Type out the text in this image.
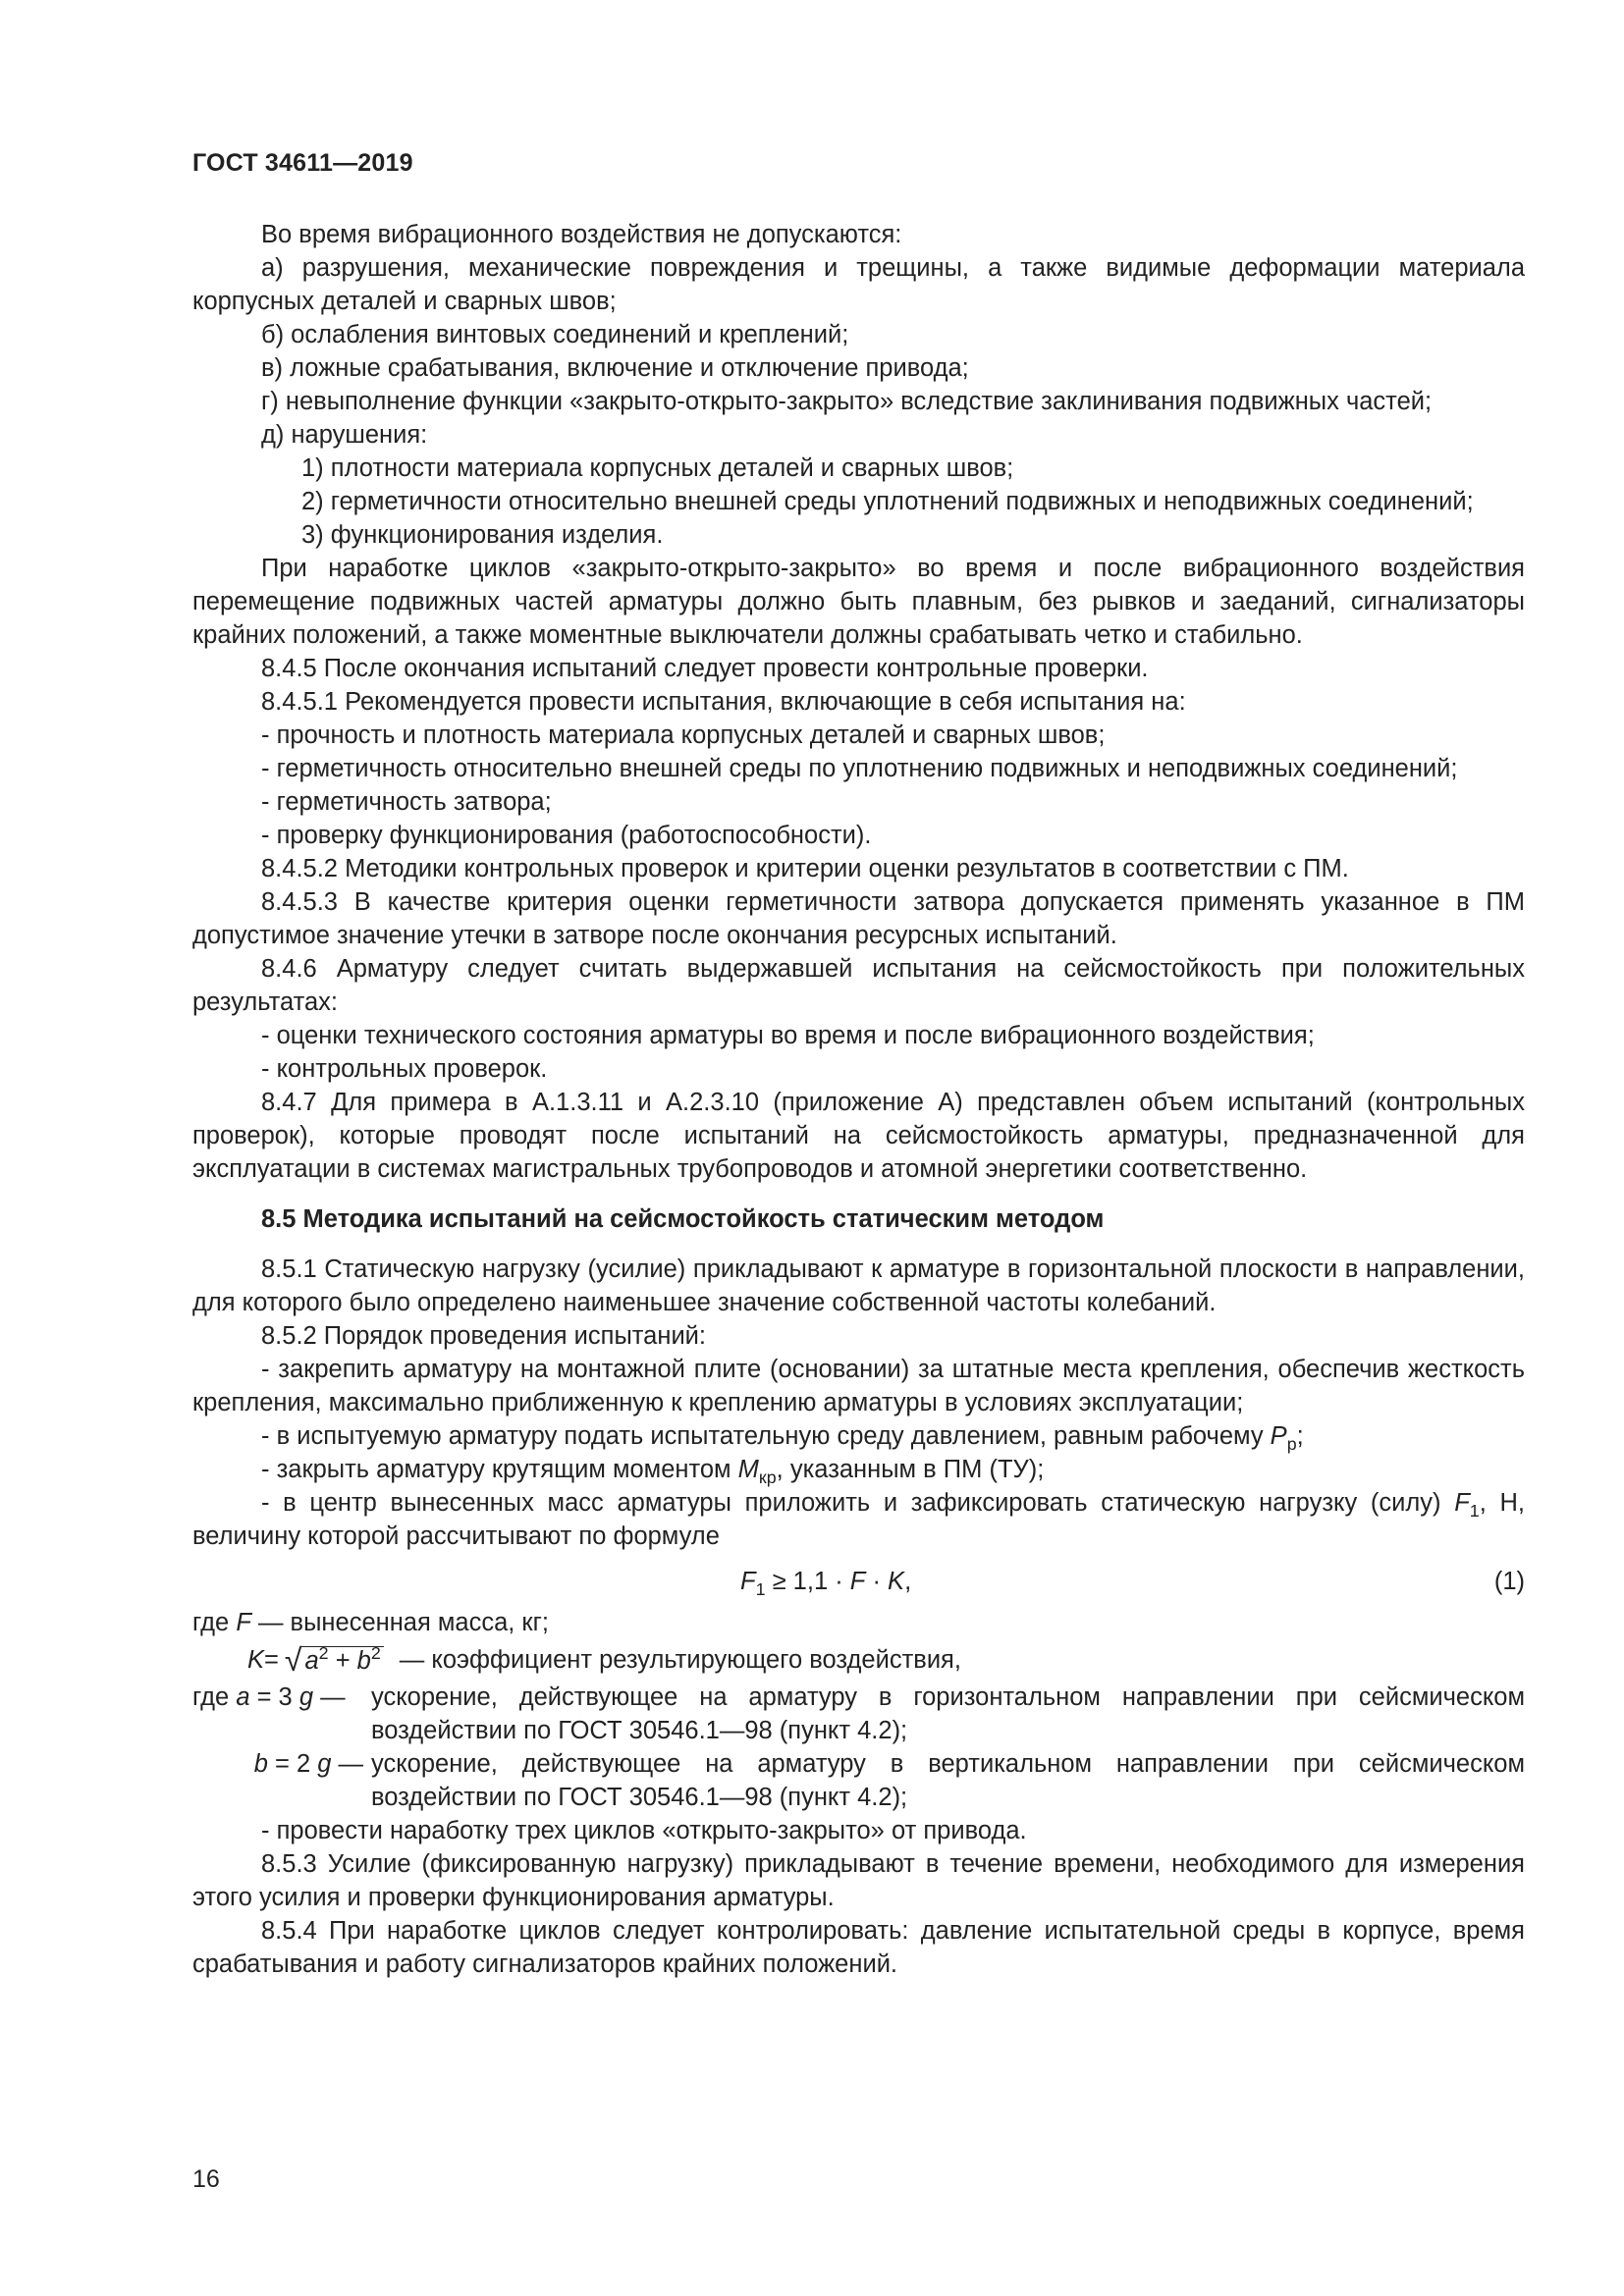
ГОСТ 34611—2019

Во время вибрационного воздействия не допускаются:

а) разрушения, механические повреждения и трещины, а также видимые деформации материала корпусных деталей и сварных швов;

б) ослабления винтовых соединений и креплений;

в) ложные срабатывания, включение и отключение привода;

г) невыполнение функции «закрыто-открыто-закрыто» вследствие заклинивания подвижных частей;

д) нарушения:

1) плотности материала корпусных деталей и сварных швов;

2) герметичности относительно внешней среды уплотнений подвижных и неподвижных соединений;

3) функционирования изделия.

При наработке циклов «закрыто-открыто-закрыто» во время и после вибрационного воздействия перемещение подвижных частей арматуры должно быть плавным, без рывков и заеданий, сигнализаторы крайних положений, а также моментные выключатели должны срабатывать четко и стабильно.

8.4.5 После окончания испытаний следует провести контрольные проверки.

8.4.5.1 Рекомендуется провести испытания, включающие в себя испытания на:

- прочность и плотность материала корпусных деталей и сварных швов;

- герметичность относительно внешней среды по уплотнению подвижных и неподвижных соединений;

- герметичность затвора;

- проверку функционирования (работоспособности).

8.4.5.2 Методики контрольных проверок и критерии оценки результатов в соответствии с ПМ.

8.4.5.3 В качестве критерия оценки герметичности затвора допускается применять указанное в ПМ допустимое значение утечки в затворе после окончания ресурсных испытаний.

8.4.6 Арматуру следует считать выдержавшей испытания на сейсмостойкость при положительных результатах:

- оценки технического состояния арматуры во время и после вибрационного воздействия;

- контрольных проверок.

8.4.7 Для примера в А.1.3.11 и А.2.3.10 (приложение А) представлен объем испытаний (контрольных проверок), которые проводят после испытаний на сейсмостойкость арматуры, предназначенной для эксплуатации в системах магистральных трубопроводов и атомной энергетики соответственно.

8.5 Методика испытаний на сейсмостойкость статическим методом

8.5.1 Статическую нагрузку (усилие) прикладывают к арматуре в горизонтальной плоскости в направлении, для которого было определено наименьшее значение собственной частоты колебаний.

8.5.2 Порядок проведения испытаний:

- закрепить арматуру на монтажной плите (основании) за штатные места крепления, обеспечив жесткость крепления, максимально приближенную к креплению арматуры в условиях эксплуатации;

- в испытуемую арматуру подать испытательную среду давлением, равным рабочему $P_р$;

- закрыть арматуру крутящим моментом $M_{кр}$, указанным в ПМ (ТУ);

- в центр вынесенных масс арматуры приложить и зафиксировать статическую нагрузку (силу) $F_1$, Н, величину которой рассчитывают по формуле

$F_1 \ge 1,1 \cdot F \cdot K$,	(1)

где F — вынесенная масса, кг;

K = √ $a^2 + b^2$ — коэффициент результирующего воздействия,
где a = 3 g —	ускорение, действующее на арматуру в горизонтальном направлении при сейсмическом воздействии по ГОСТ 30546.1—98 (пункт 4.2);
b = 2 g — ускорение, действующее на арматуру в вертикальном направлении при сейсмическом воздействии по ГОСТ 30546.1—98 (пункт 4.2);

- провести наработку трех циклов «открыто-закрыто» от привода.

8.5.3 Усилие (фиксированную нагрузку) прикладывают в течение времени, необходимого для измерения этого усилия и проверки функционирования арматуры.

8.5.4 При наработке циклов следует контролировать: давление испытательной среды в корпусе, время срабатывания и работу сигнализаторов крайних положений.

16
